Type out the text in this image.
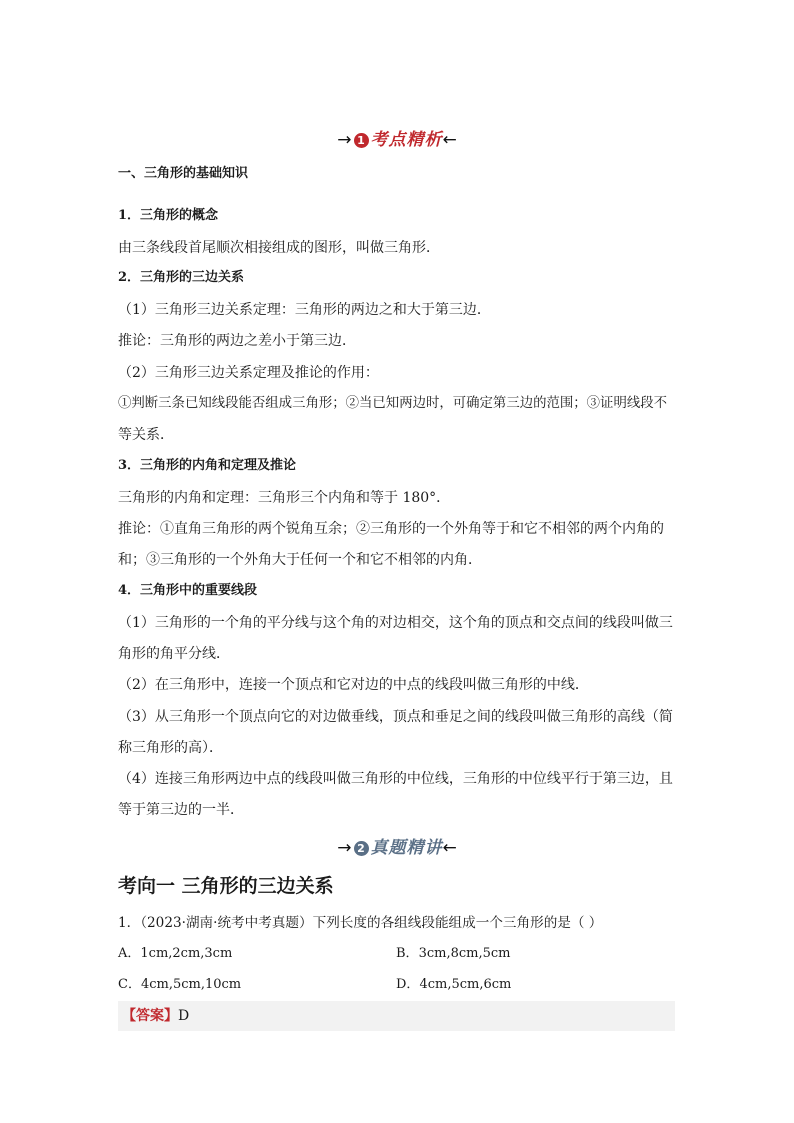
→ 1 考点精析←
一、三角形的基础知识
1．三角形的概念
由三条线段首尾顺次相接组成的图形，叫做三角形．
2．三角形的三边关系
（1）三角形三边关系定理：三角形的两边之和大于第三边．
推论：三角形的两边之差小于第三边．
（2）三角形三边关系定理及推论的作用：
①判断三条已知线段能否组成三角形；②当已知两边时，可确定第三边的范围；③证明线段不
等关系．
3．三角形的内角和定理及推论
三角形的内角和定理：三角形三个内角和等于 180°．
推论：①直角三角形的两个锐角互余；②三角形的一个外角等于和它不相邻的两个内角的
和；③三角形的一个外角大于任何一个和它不相邻的内角．
4．三角形中的重要线段
（1）三角形的一个角的平分线与这个角的对边相交，这个角的顶点和交点间的线段叫做三
角形的角平分线．
（2）在三角形中，连接一个顶点和它对边的中点的线段叫做三角形的中线．
（3）从三角形一个顶点向它的对边做垂线，顶点和垂足之间的线段叫做三角形的高线（简
称三角形的高）．
（4）连接三角形两边中点的线段叫做三角形的中位线，三角形的中位线平行于第三边，且
等于第三边的一半．
→ 2 真题精讲←
考向一 三角形的三边关系
1．（2023·湖南·统考中考真题）下列长度的各组线段能组成一个三角形的是（ ）
A．1cm,2cm,3cm	B．3cm,8cm,5cm
C．4cm,5cm,10cm	D．4cm,5cm,6cm
【答案】D
